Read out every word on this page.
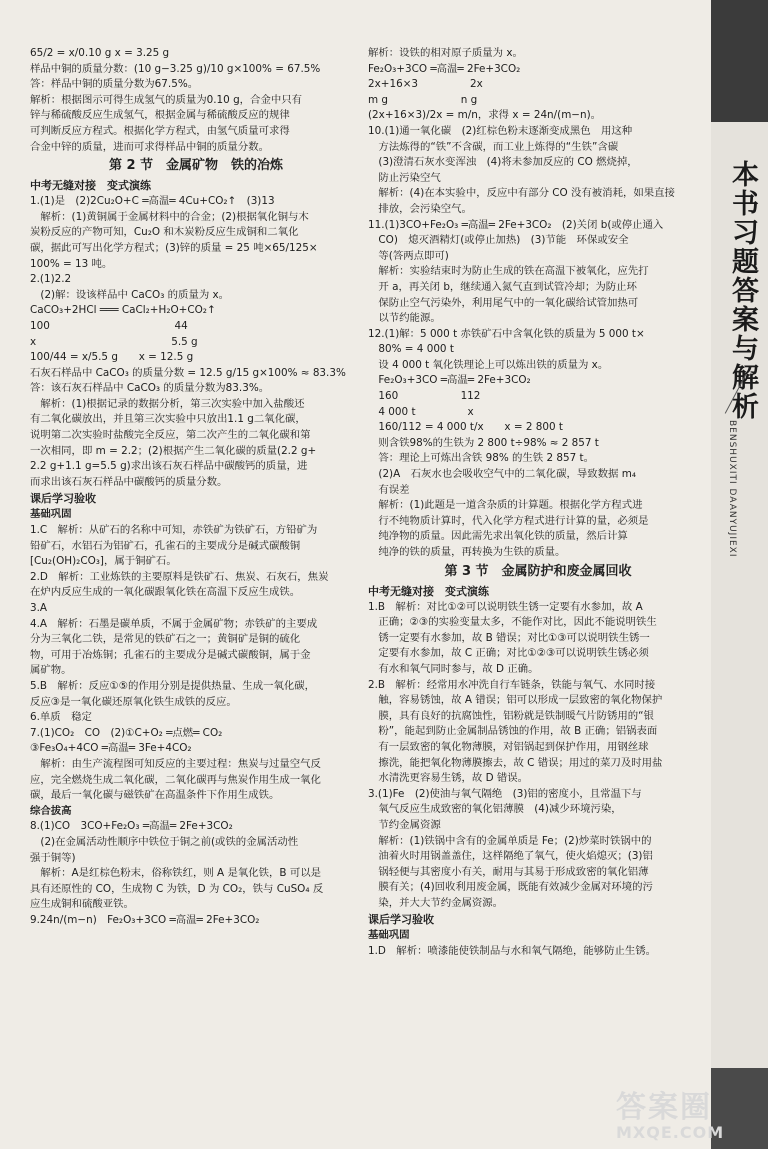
65/2 = x/0.10 g x = 3.25 g
样品中铜的质量分数：(10 g−3.25 g)/10 g×100% = 67.5%
答：样品中铜的质量分数为67.5%。
解析：根据图示可得生成氢气的质量为0.10 g，合金中只有
锌与稀硫酸反应生成氢气，根据金属与稀硫酸反应的规律
可判断反应方程式。根据化学方程式，由氢气质量可求得
合金中锌的质量，进而可求得样品中铜的质量分数。
第 2 节　金属矿物　铁的冶炼
中考无缝对接　变式演练
1.(1)是　(2)2Cu₂O+C ═高温═ 4Cu+CO₂↑　(3)13
　解析：(1)黄铜属于金属材料中的合金；(2)根据氧化铜与木
炭粉反应的产物可知，Cu₂O 和木炭粉反应生成铜和二氧化
碳，据此可写出化学方程式；(3)锌的质量 = 25 吨×65/125×
100% = 13 吨。
2.(1)2.2
　(2)解：设该样品中 CaCO₃ 的质量为 x。
CaCO₃+2HCl ═══ CaCl₂+H₂O+CO₂↑
100　　　　　　　　　　　　44
x　　　　　　　　　　　　　5.5 g
100/44 = x/5.5 g　　x = 12.5 g
石灰石样品中 CaCO₃ 的质量分数 = 12.5 g/15 g×100% ≈ 83.3%
答：该石灰石样品中 CaCO₃ 的质量分数为83.3%。
　解析：(1)根据记录的数据分析，第三次实验中加入盐酸还
有二氧化碳放出，并且第三次实验中只放出1.1 g二氧化碳，
说明第二次实验时盐酸完全反应，第二次产生的二氧化碳和第
一次相同，即 m = 2.2；(2)根据产生二氧化碳的质量(2.2 g+
2.2 g+1.1 g=5.5 g)求出该石灰石样品中碳酸钙的质量，进
而求出该石灰石样品中碳酸钙的质量分数。
课后学习验收
基础巩固
1.C　解析：从矿石的名称中可知，赤铁矿为铁矿石，方铅矿为
铅矿石，水铝石为铝矿石，孔雀石的主要成分是碱式碳酸铜
[Cu₂(OH)₂CO₃]，属于铜矿石。
2.D　解析：工业炼铁的主要原料是铁矿石、焦炭、石灰石，焦炭
在炉内反应生成的一氧化碳跟氧化铁在高温下反应生成铁。
3.A
4.A　解析：石墨是碳单质，不属于金属矿物；赤铁矿的主要成
分为三氧化二铁，是常见的铁矿石之一；黄铜矿是铜的硫化
物，可用于冶炼铜；孔雀石的主要成分是碱式碳酸铜，属于金
属矿物。
5.B　解析：反应①⑤的作用分别是提供热量、生成一氧化碳，
反应③是一氧化碳还原氧化铁生成铁的反应。
6.单质　稳定
7.(1)CO₂　CO　(2)①C+O₂ ═点燃═ CO₂
③Fe₃O₄+4CO ═高温═ 3Fe+4CO₂
　解析：由生产流程图可知反应的主要过程：焦炭与过量空气反
应，完全燃烧生成二氧化碳，二氧化碳再与焦炭作用生成一氧化
碳，最后一氧化碳与磁铁矿在高温条件下作用生成铁。
综合拔高
8.(1)CO　3CO+Fe₂O₃ ═高温═ 2Fe+3CO₂
　(2)在金属活动性顺序中铁位于铜之前(或铁的金属活动性
强于铜等)
　解析：A是红棕色粉末，俗称铁红，则 A 是氧化铁，B 可以是
具有还原性的 CO，生成物 C 为铁，D 为 CO₂，铁与 CuSO₄ 反
应生成铜和硫酸亚铁。
9.24n/(m−n)　Fe₂O₃+3CO ═高温═ 2Fe+3CO₂
解析：设铁的相对原子质量为 x。
Fe₂O₃+3CO ═高温═ 2Fe+3CO₂
2x+16×3　　　　　2x
m g　　　　　　　n g
(2x+16×3)/2x = m/n，求得 x = 24n/(m−n)。
10.(1)通一氧化碳　(2)红棕色粉末逐渐变成黑色　用这种
　方法炼得的“铁”不含碳，而工业上炼得的“生铁”含碳
　(3)澄清石灰水变浑浊　(4)将未参加反应的 CO 燃烧掉，
　防止污染空气
　解析：(4)在本实验中，反应中有部分 CO 没有被消耗，如果直接
　排放，会污染空气。
11.(1)3CO+Fe₂O₃ ═高温═ 2Fe+3CO₂　(2)关闭 b(或停止通入
　CO)　熄灭酒精灯(或停止加热)　(3)节能　环保或安全
　等(答两点即可)
　解析：实验结束时为防止生成的铁在高温下被氧化，应先打
　开 a，再关闭 b，继续通入氮气直到试管冷却；为防止环
　保防止空气污染外，利用尾气中的一氧化碳给试管加热可
　以节约能源。
12.(1)解：5 000 t 赤铁矿石中含氧化铁的质量为 5 000 t×
　80% = 4 000 t
　设 4 000 t 氧化铁理论上可以炼出铁的质量为 x。
　Fe₂O₃+3CO ═高温═ 2Fe+3CO₂
　160　　　　　　112
　4 000 t　　　　　x
　160/112 = 4 000 t/x　　x = 2 800 t
　则含铁98%的生铁为 2 800 t÷98% ≈ 2 857 t
　答：理论上可炼出含铁 98% 的生铁 2 857 t。
　(2)A　石灰水也会吸收空气中的二氧化碳，导致数据 m₄
　有误差
　解析：(1)此题是一道含杂质的计算题。根据化学方程式进
　行不纯物质计算时，代入化学方程式进行计算的量，必须是
　纯净物的质量。因此需先求出氧化铁的质量，然后计算
　纯净的铁的质量，再转换为生铁的质量。
第 3 节　金属防护和废金属回收
中考无缝对接　变式演练
1.B　解析：对比①②可以说明铁生锈一定要有水参加，故 A
　正确；②③的实验变量太多，不能作对比，因此不能说明铁生
　锈一定要有水参加，故 B 错误；对比①③可以说明铁生锈一
　定要有水参加，故 C 正确；对比①②③可以说明铁生锈必须
　有水和氧气同时参与，故 D 正确。
2.B　解析：经常用水冲洗自行车链条，铁能与氧气、水同时接
　触，容易锈蚀，故 A 错误；铝可以形成一层致密的氧化物保护
　膜，具有良好的抗腐蚀性，铝粉就是铁制暖气片防锈用的“银
　粉”，能起到防止金属制品锈蚀的作用，故 B 正确；铝锅表面
　有一层致密的氧化物薄膜，对铝锅起到保护作用，用钢丝球
　擦洗，能把氧化物薄膜擦去，故 C 错误；用过的菜刀及时用盐
　水清洗更容易生锈，故 D 错误。
3.(1)Fe　(2)使油与氧气隔绝　(3)铝的密度小，且常温下与
　氧气反应生成致密的氧化铝薄膜　(4)减少环境污染，
　节约金属资源
　解析：(1)铁锅中含有的金属单质是 Fe；(2)炒菜时铁锅中的
　油着火时用锅盖盖住，这样隔绝了氧气，使火焰熄灭；(3)铝
　锅轻便与其密度小有关，耐用与其易于形成致密的氧化铝薄
　膜有关；(4)回收利用废金属，既能有效减少金属对环境的污
　染，并大大节约金属资源。
课后学习验收
基础巩固
1.D　解析：喷漆能使铁制品与水和氧气隔绝，能够防止生锈。
本书习题答案与解析
BENSHUXITI DAANYUJIEXI
答案圈
MXQE.COM
